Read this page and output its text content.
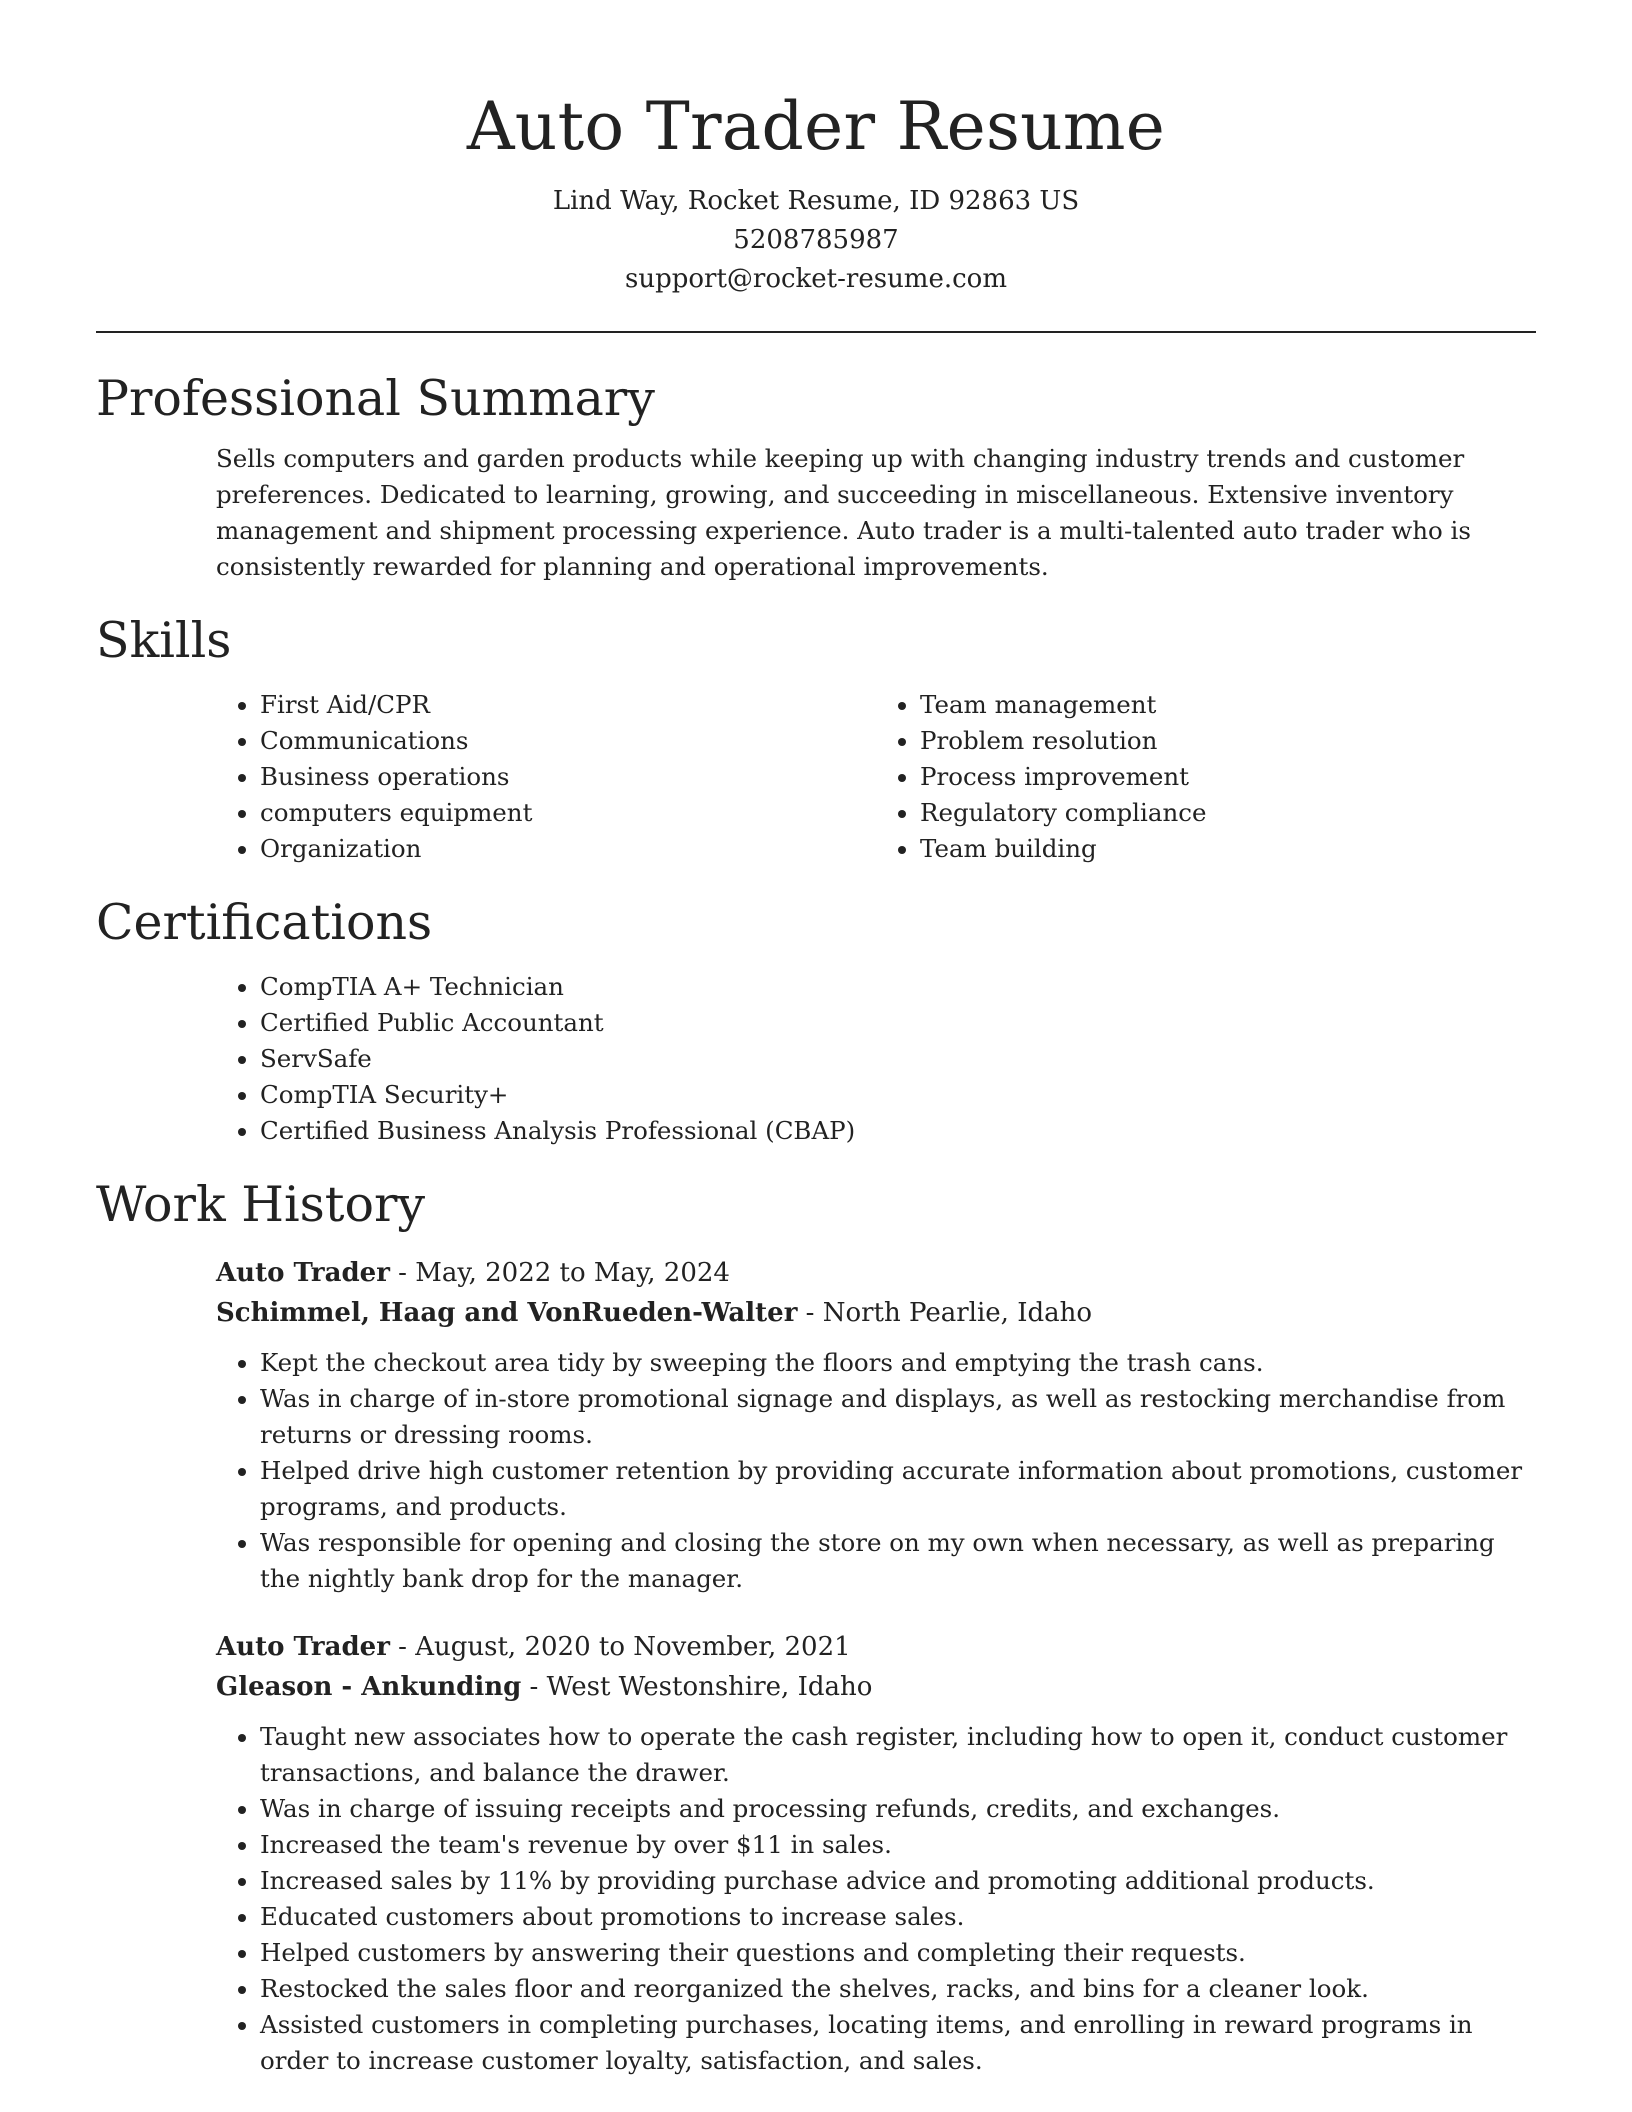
Auto Trader Resume
Lind Way, Rocket Resume, ID 92863 US
5208785987
support@rocket-resume.com
Professional Summary

Sells computers and garden products while keeping up with changing industry trends and customer preferences. Dedicated to learning, growing, and succeeding in miscellaneous. Extensive inventory management and shipment processing experience. Auto trader is a multi-talented auto trader who is consistently rewarded for planning and operational improvements.

Skills
• First Aid/CPR
• Communications
• Business operations
• computers equipment
• Organization
• Team management
• Problem resolution
• Process improvement
• Regulatory compliance
• Team building
Certifications
• CompTIA A+ Technician
• Certified Public Accountant
• ServSafe
• CompTIA Security+
• Certified Business Analysis Professional (CBAP)
Work History
Auto Trader - May, 2022 to May, 2024
Schimmel, Haag and VonRueden-Walter - North Pearlie, Idaho
• Kept the checkout area tidy by sweeping the floors and emptying the trash cans.
• Was in charge of in-store promotional signage and displays, as well as restocking merchandise from returns or dressing rooms.
• Helped drive high customer retention by providing accurate information about promotions, customer programs, and products.
• Was responsible for opening and closing the store on my own when necessary, as well as preparing the nightly bank drop for the manager.
Auto Trader - August, 2020 to November, 2021
Gleason - Ankunding - West Westonshire, Idaho
• Taught new associates how to operate the cash register, including how to open it, conduct customer transactions, and balance the drawer.
• Was in charge of issuing receipts and processing refunds, credits, and exchanges.
• Increased the team's revenue by over $11 in sales.
• Increased sales by 11% by providing purchase advice and promoting additional products.
• Educated customers about promotions to increase sales.
• Helped customers by answering their questions and completing their requests.
• Restocked the sales floor and reorganized the shelves, racks, and bins for a cleaner look.
• Assisted customers in completing purchases, locating items, and enrolling in reward programs in order to increase customer loyalty, satisfaction, and sales.
